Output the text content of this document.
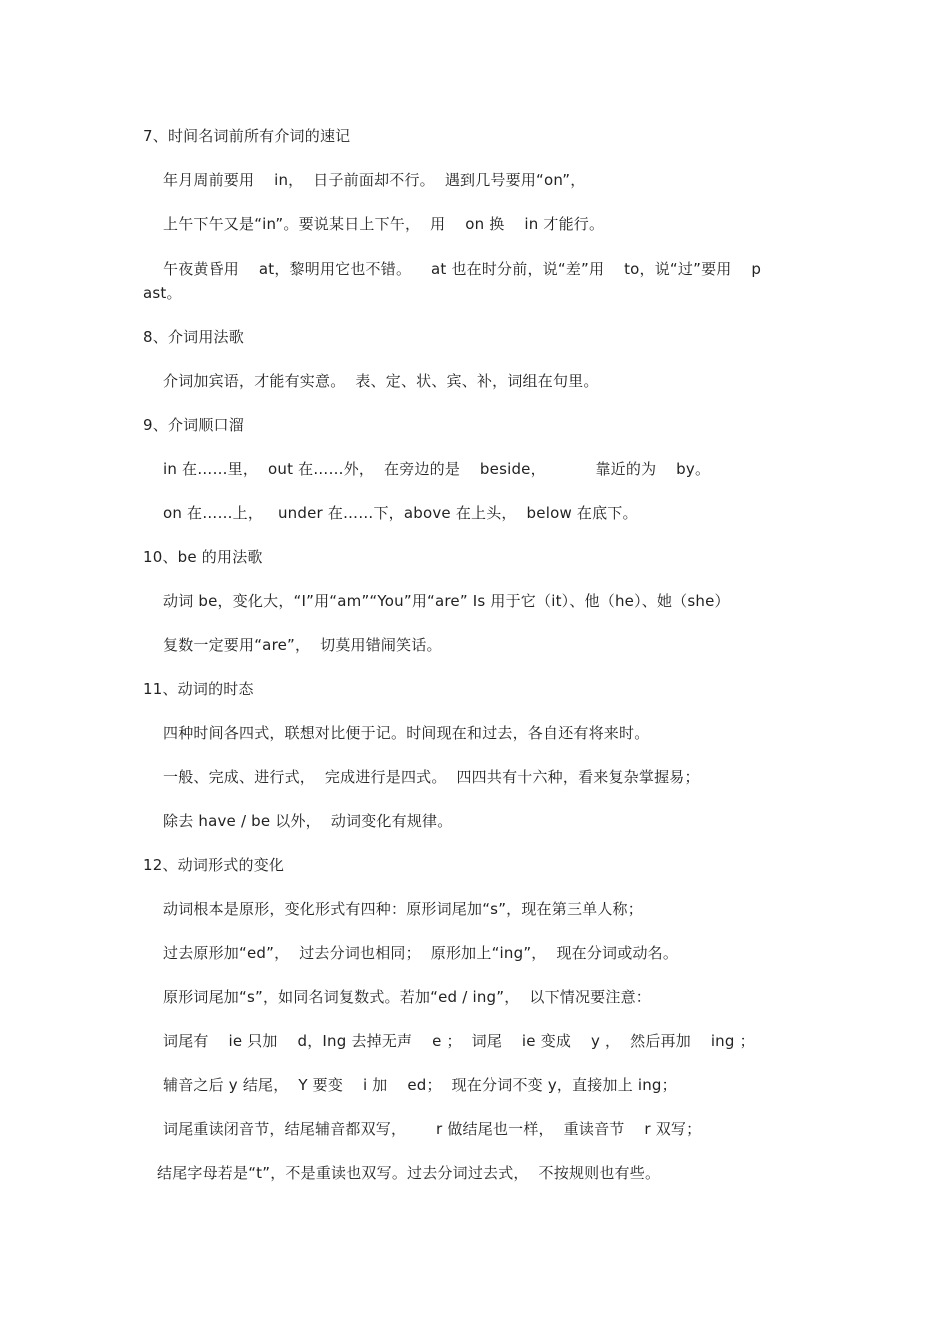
7、时间名词前所有介词的速记
年月周前要用    in，  日子前面却不行。  遇到几号要用“on”，
上午下午又是“in”。要说某日上下午，  用    on 换    in 才能行。
午夜黄昏用    at，黎明用它也不错。    at 也在时分前，说“差”用    to，说“过”要用    p
ast。
8、介词用法歌
介词加宾语，才能有实意。  表、定、状、宾、补，词组在句里。
9、介词顺口溜
in 在……里，  out 在……外，  在旁边的是    beside，          靠近的为    by。
on 在……上，   under 在……下，above 在上头，  below 在底下。
10、be 的用法歌
动词 be，变化大，“I”用“am”“You”用“are” Is 用于它（it）、他（he）、她（she）
复数一定要用“are”，  切莫用错闹笑话。
11、动词的时态
四种时间各四式，联想对比便于记。时间现在和过去，各自还有将来时。
一般、完成、进行式，  完成进行是四式。  四四共有十六种，看来复杂掌握易；
除去 have / be 以外，  动词变化有规律。
12、动词形式的变化
动词根本是原形，变化形式有四种：原形词尾加“s”，现在第三单人称；
过去原形加“ed”，  过去分词也相同；  原形加上“ing”，  现在分词或动名。
原形词尾加“s”，如同名词复数式。若加“ed / ing”，  以下情况要注意：
词尾有    ie 只加    d，Ing 去掉无声    e ；  词尾    ie 变成    y ，  然后再加    ing ；
辅音之后 y 结尾，  Y 要变    i 加    ed；  现在分词不变 y，直接加上 ing；
词尾重读闭音节，结尾辅音都双写，      r 做结尾也一样，  重读音节    r 双写；
结尾字母若是“t”，不是重读也双写。过去分词过去式，  不按规则也有些。
